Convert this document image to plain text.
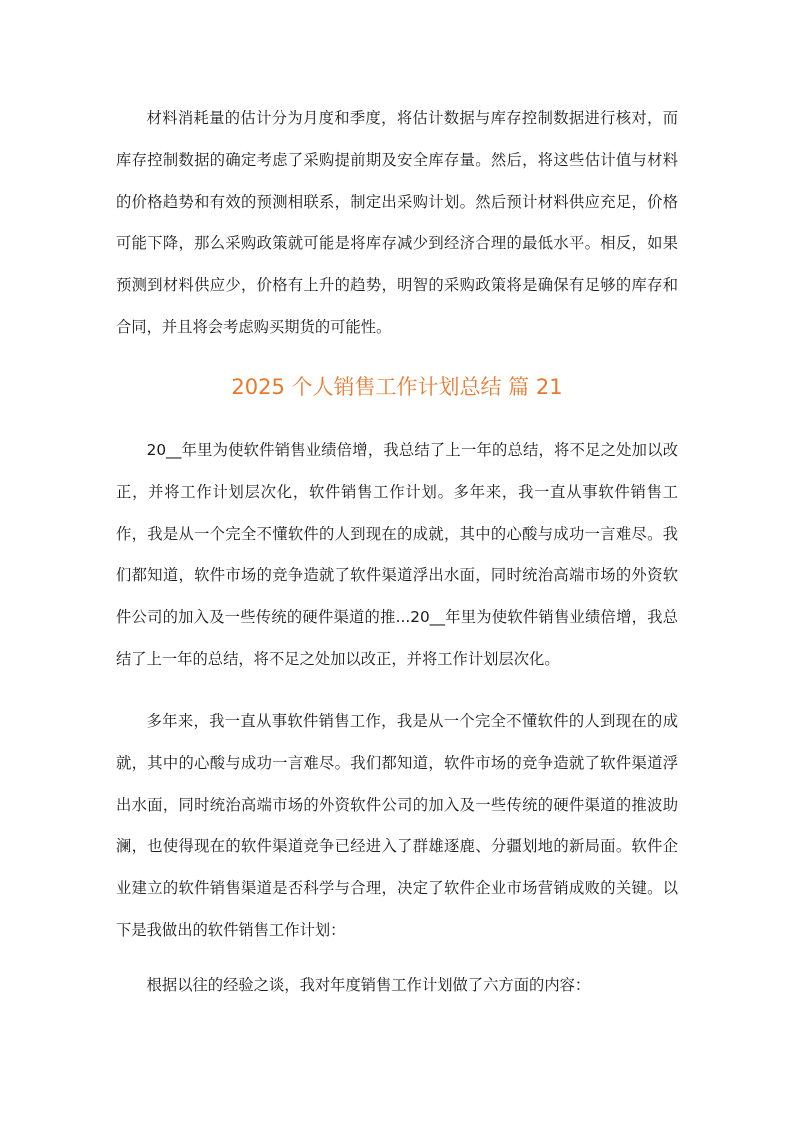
材料消耗量的估计分为月度和季度，将估计数据与库存控制数据进行核对，而库存控制数据的确定考虑了采购提前期及安全库存量。然后，将这些估计值与材料的价格趋势和有效的预测相联系，制定出采购计划。然后预计材料供应充足，价格可能下降，那么采购政策就可能是将库存减少到经济合理的最低水平。相反，如果预测到材料供应少，价格有上升的趋势，明智的采购政策将是确保有足够的库存和合同，并且将会考虑购买期货的可能性。

2025 个人销售工作计划总结 篇 21

20__年里为使软件销售业绩倍增，我总结了上一年的总结，将不足之处加以改正，并将工作计划层次化，软件销售工作计划。多年来，我一直从事软件销售工作，我是从一个完全不懂软件的人到现在的成就，其中的心酸与成功一言难尽。我们都知道，软件市场的竞争造就了软件渠道浮出水面，同时统治高端市场的外资软件公司的加入及一些传统的硬件渠道的推...20__年里为使软件销售业绩倍增，我总结了上一年的总结，将不足之处加以改正，并将工作计划层次化。

多年来，我一直从事软件销售工作，我是从一个完全不懂软件的人到现在的成就，其中的心酸与成功一言难尽。我们都知道，软件市场的竞争造就了软件渠道浮出水面，同时统治高端市场的外资软件公司的加入及一些传统的硬件渠道的推波助澜，也使得现在的软件渠道竞争已经进入了群雄逐鹿、分疆划地的新局面。软件企业建立的软件销售渠道是否科学与合理，决定了软件企业市场营销成败的关键。以下是我做出的软件销售工作计划：

根据以往的经验之谈，我对年度销售工作计划做了六方面的内容：
